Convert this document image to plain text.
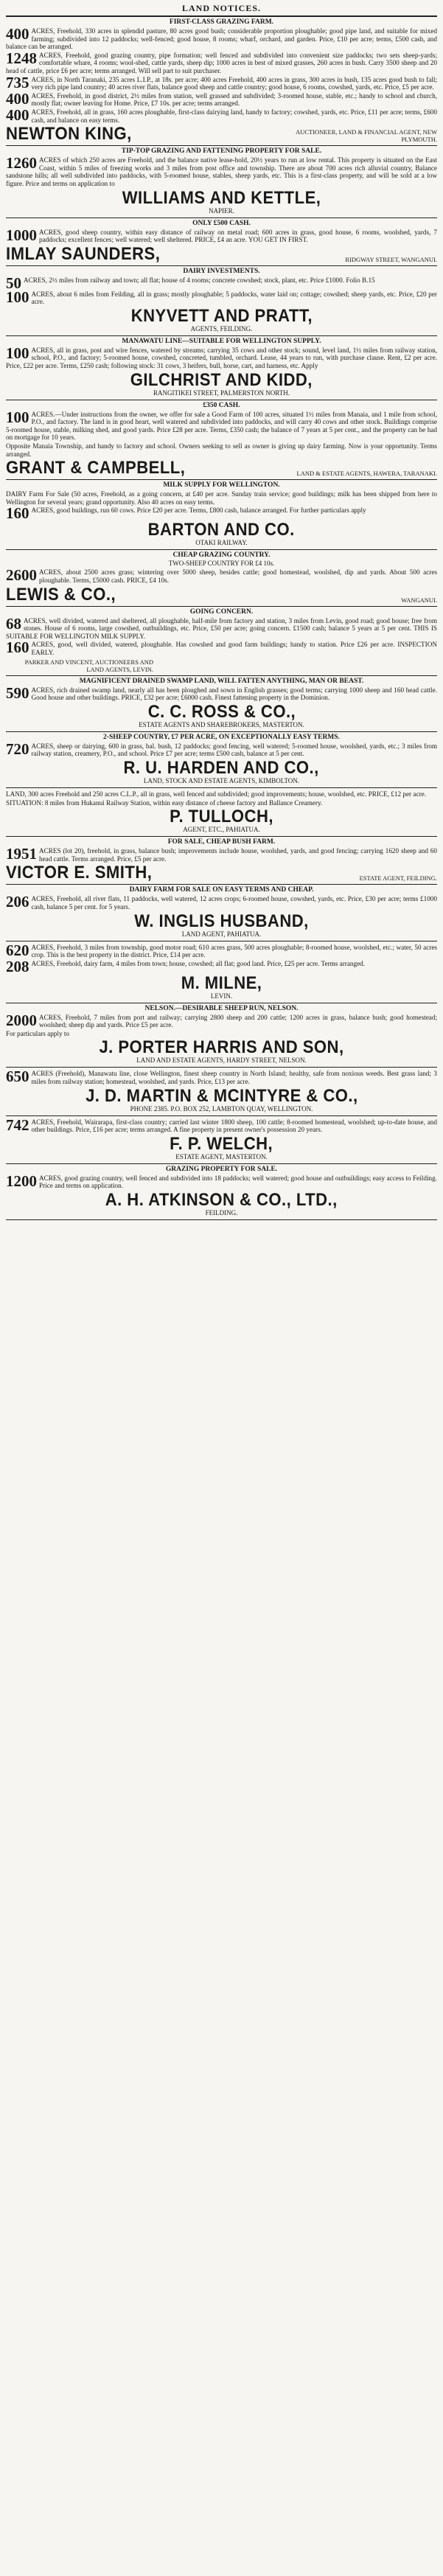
LAND NOTICES.
FIRST-CLASS GRAZING FARM.
400 ACRES, Freehold, 330 acres in splendid pasture, 80 acres good bush; considerable proportion ploughable; good pipe land, and suitable for mixed farming; subdivided into 12 paddocks; well-fenced; good house, 8 rooms; wharf, orchard, and garden. Price, £10 per acre; terms, £500 cash, and balance can be arranged.
1248 ACRES, Freehold, good grazing country, pipe formation; well fenced and subdivided into convenient size paddocks; two sets sheep-yards; comfortable whare, 4 rooms; wool-shed, cattle yards, sheep dip; 1000 acres in best of mixed grasses, 260 acres in bush. Carry 3500 sheep and 20 head of cattle, price £6 per acre; terms arranged. Will sell part to suit purchaser.
735 ACRES, in North Taranaki, 235 acres L.I.P., at 18s. per acre; 400 acres Freehold, 400 acres in grass, 300 acres in bush, 135 acres good bush to fall; very rich pipe land country; 40 acres river flats, balance good sheep and cattle country; good house, 6 rooms, cowshed, yards, etc. Price, £5 per acre.
400 ACRES, Freehold, in good district, 2½ miles from station, well grassed and subdivided; 3-roomed house, stable, etc.; handy to school and church, mostly flat; owner leaving for Home. Price, £7 10s. per acre; terms arranged.
400 ACRES, Freehold, all in grass, 160 acres ploughable, first-class dairying land, handy to factory; cowshed, yards, etc. Price, £11 per acre; terms, £600 cash, and balance on easy terms.
NEWTON KING,	AUCTIONEER, LAND & FINANCIAL AGENT, NEW PLYMOUTH.
TIP-TOP GRAZING AND FATTENING PROPERTY FOR SALE.
1260 ACRES of which 250 acres are Freehold, and the balance native lease-hold, 20½ years to run at low rental. This property is situated on the East Coast, within 5 miles of freezing works and 3 miles from post office and township. There are about 700 acres rich alluvial country, Balance sandstone hills; all well subdivided into paddocks, with 5-roomed house, stables, sheep yards, etc. This is a first-class property, and will be sold at a low figure. Price and terms on application to
WILLIAMS AND KETTLE,
NAPIER.
ONLY £500 CASH.
1000 ACRES, good sheep country, within easy distance of railway on metal road; 600 acres in grass, good house, 6 rooms, woolshed, yards, 7 paddocks; excellent fences; well watered; well sheltered. PRICE, £4 an acre. YOU GET IN FIRST.
IMLAY SAUNDERS,	RIDGWAY STREET, WANGANUI.
DAIRY INVESTMENTS.
50 ACRES, 2½ miles from railway and town; all flat; house of 4 rooms; concrete cowshed; stock, plant, etc. Price £1000. Folio B.15
100 ACRES, about 6 miles from Feilding, all in grass; mostly ploughable; 5 paddocks, water laid on; cottage; cowshed; sheep yards, etc. Price, £20 per acre.
KNYVETT AND PRATT,
AGENTS, FEILDING.
MANAWATU LINE—SUITABLE FOR WELLINGTON SUPPLY.
100 ACRES, all in grass, post and wire fences, watered by streams; carrying 35 cows and other stock; sound, level land, 1½ miles from railway station, school, P.O., and factory; 5-roomed house, cowshed, concreted, tumbled, orchard. Lease, 44 years to run, with purchase clause. Rent, £2 per acre. Price, £22 per acre. Terms, £250 cash; following stock: 31 cows, 3 heifers, bull, horse, cart, and harness, etc. Apply
GILCHRIST AND KIDD,
RANGITIKEI STREET, PALMERSTON NORTH.
£350 CASH.
100 ACRES.—Under instructions from the owner, we offer for sale a Good Farm of 100 acres, situated 1½ miles from Manaia, and 1 mile from school, P.O., and factory. The land is in good heart, well watered and subdivided into paddocks, and will carry 40 cows and other stock. Buildings comprise 5-roomed house, stable, milking shed, and good yards. Price £28 per acre. Terms, £350 cash; the balance of 7 years at 5 per cent., and the property can be had on mortgage for 10 years.
Opposite Manaia Township, and handy to factory and school. Owners seeking to sell as owner is giving up dairy farming. Now is your opportunity. Terms arranged.
GRANT & CAMPBELL,	LAND & ESTATE AGENTS, HAWERA, TARANAKI.
MILK SUPPLY FOR WELLINGTON.
DAIRY Farm For Sale (50 acres, Freehold, as a going concern, at £40 per acre. Sunday train service; good buildings; milk has been shipped from here to Wellington for several years; grand opportunity. Also 40 acres on easy terms.
160 ACRES, good buildings, run 60 cows. Price £20 per acre. Terms, £800 cash, balance arranged. For further particulars apply
BARTON AND CO.
OTAKI RAILWAY.
CHEAP GRAZING COUNTRY.
TWO-SHEEP COUNTRY FOR £4 10s.
2600 ACRES, about 2500 acres grass; wintering over 5000 sheep, besides cattle; good homestead, woolshed, dip and yards. About 500 acres ploughable. Terms, £5000 cash. PRICE, £4 10s.
LEWIS & CO.,	WANGANUI.
GOING CONCERN.
68 ACRES, well divided, watered and sheltered, all ploughable, half-mile from factory and station, 3 miles from Levin, good road; good house; free from stones. House of 6 rooms, large cowshed, outbuildings, etc. Price, £50 per acre; going concern. £1500 cash; balance 5 years at 5 per cent. THIS IS SUITABLE FOR WELLINGTON MILK SUPPLY.
160 ACRES, good, well divided, watered, ploughable. Has cowshed and good farm buildings; handy to station. Price £26 per acre. INSPECTION EARLY.
PARKER AND VINCENT, AUCTIONEERS AND LAND AGENTS, LEVIN.
MAGNIFICENT DRAINED SWAMP LAND, WILL FATTEN ANYTHING, MAN OR BEAST.
590 ACRES, rich drained swamp land, nearly all has been ploughed and sown in English grasses; good terms; carrying 1000 sheep and 160 head cattle. Good house and other buildings. PRICE, £32 per acre; £6000 cash. Finest fattening property in the Dominion.
C. C. ROSS & CO.,
ESTATE AGENTS AND SHAREBROKERS, MASTERTON.
2-SHEEP COUNTRY, £7 PER ACRE, ON EXCEPTIONALLY EASY TERMS.
720 ACRES, sheep or dairying, 600 in grass, bal. bush, 12 paddocks; good fencing, well watered; 5-roomed house, woolshed, yards, etc.; 3 miles from railway station, creamery, P.O., and school. Price £7 per acre; terms £500 cash, balance at 5 per cent.
R. U. HARDEN AND CO.,
LAND, STOCK AND ESTATE AGENTS, KIMBOLTON.
LAND, 300 acres Freehold and 250 acres C.L.P., all in grass, well fenced and subdivided; good improvements; house, woolshed, etc. PRICE, £12 per acre.
SITUATION: 8 miles from Hukanui Railway Station, within easy distance of cheese factory and Ballance Creamery.
P. TULLOCH,
AGENT, ETC., PAHIATUA.
FOR SALE, CHEAP BUSH FARM.
1951 ACRES (lot 20), freehold, in grass, balance bush; improvements include house, woolshed, yards, and good fencing; carrying 1620 sheep and 60 head cattle. Terms arranged. Price, £5 per acre.
VICTOR E. SMITH,	ESTATE AGENT, FEILDING.
DAIRY FARM FOR SALE ON EASY TERMS AND CHEAP.
206 ACRES, Freehold, all river flats, 11 paddocks, well watered, 12 acres crops; 6-roomed house, cowshed, yards, etc. Price, £30 per acre; terms £1000 cash, balance 5 per cent. for 5 years.
W. INGLIS HUSBAND,
LAND AGENT, PAHIATUA.
620 ACRES, Freehold, 3 miles from township, good motor road; 610 acres grass, 500 acres ploughable; 8-roomed house, woolshed, etc.; water, 50 acres crop. This is the best property in the district. Price, £14 per acre.
208 ACRES, Freehold, dairy farm, 4 miles from town; house, cowshed; all flat; good land. Price, £25 per acre. Terms arranged.
M. MILNE,
LEVIN.
NELSON.—DESIRABLE SHEEP RUN, NELSON.
2000 ACRES, Freehold, 7 miles from port and railway; carrying 2800 sheep and 200 cattle; 1200 acres in grass, balance bush; good homestead; woolshed; sheep dip and yards. Price £5 per acre.
For particulars apply to
J. PORTER HARRIS AND SON,
LAND AND ESTATE AGENTS, HARDY STREET, NELSON.
650 ACRES (Freehold), Manawatu line, close Wellington, finest sheep country in North Island; healthy, safe from noxious weeds. Best grass land; 3 miles from railway station; homestead, woolshed, and yards. Price, £13 per acre.
J. D. MARTIN & MCINTYRE & CO.,
PHONE 2385. P.O. BOX 252, LAMBTON QUAY, WELLINGTON.
742 ACRES, Freehold, Wairarapa, first-class country; carried last winter 1800 sheep, 100 cattle; 8-roomed homestead, woolshed; up-to-date house, and other buildings. Price, £16 per acre; terms arranged. A fine property in present owner's possession 20 years.
F. P. WELCH,
ESTATE AGENT, MASTERTON.
GRAZING PROPERTY FOR SALE.
1200 ACRES, good grazing country, well fenced and subdivided into 18 paddocks; well watered; good house and outbuildings; easy access to Feilding. Price and terms on application.
A. H. ATKINSON & CO., LTD.,
FEILDING.
